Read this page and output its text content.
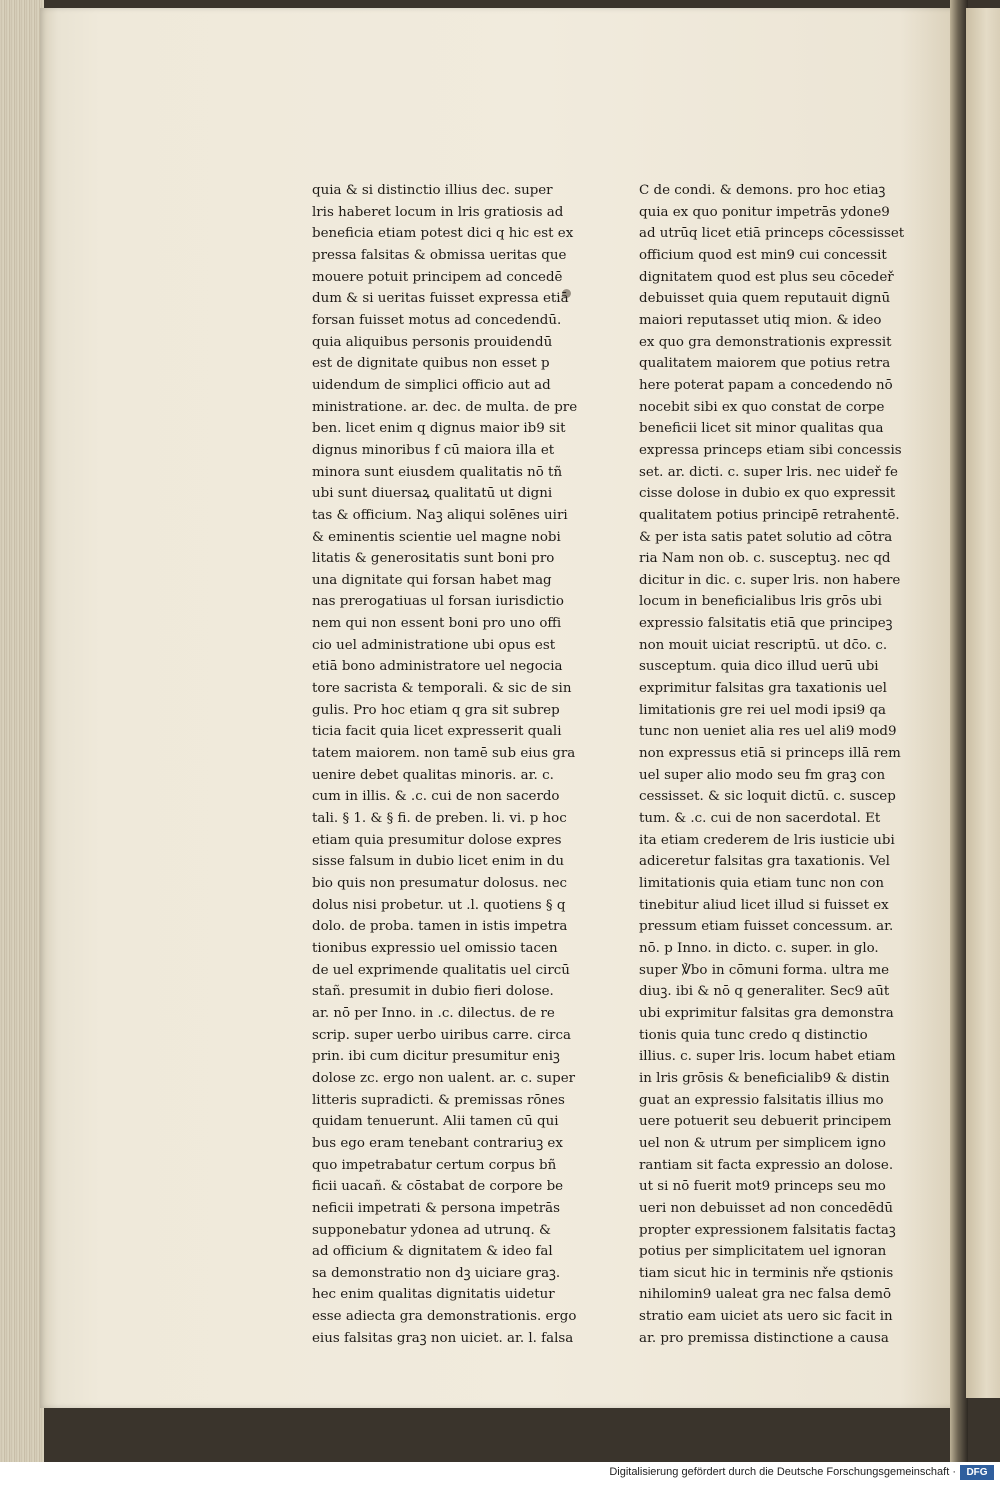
quia & si distinctio illius dec. super
lris haberet locum in lris gratiosis ad
beneficia etiam potest dici q hic est ex
pressa falsitas & obmissa ueritas que
mouere potuit principem ad concedē
dum & si ueritas fuisset expressa etiā
forsan fuisset motus ad concedendū.
quia aliquibus personis prouidendū
est de dignitate quibus non esset p
uidendum de simplici officio aut ad
ministratione. ar. dec. de multa. de pre
ben. licet enim q dignus maior ib9 sit
dignus minoribus f cū maiora illa et
minora sunt eiusdem qualitatis nō tñ
ubi sunt diuersaꝝ qualitatū ut digni
tas & officium. Naꝫ aliqui solēnes uiri
& eminentis scientie uel magne nobi
litatis & generositatis sunt boni pro
una dignitate qui forsan habet mag
nas prerogatiuas ul forsan iurisdictio
nem qui non essent boni pro uno offi
cio uel administratione ubi opus est
etiā bono administratore uel negocia
tore sacrista & temporali. & sic de sin
gulis. Pro hoc etiam q gra sit subrep
ticia facit quia licet expresserit quali
tatem maiorem. non tamē sub eius gra
uenire debet qualitas minoris. ar. c.
cum in illis. & .c. cui de non sacerdo
tali. § 1. & § fi. de preben. li. vi. p hoc
etiam quia presumitur dolose expres
sisse falsum in dubio licet enim in du
bio quis non presumatur dolosus. nec
dolus nisi probetur. ut .l. quotiens § q
dolo. de proba. tamen in istis impetra
tionibus expressio uel omissio tacen
de uel exprimende qualitatis uel circū
stañ. presumit in dubio fieri dolose.
ar. nō per Inno. in .c. dilectus. de re
scrip. super uerbo uiribus carre. circa
prin. ibi cum dicitur presumitur eniꝫ
dolose zc. ergo non ualent. ar. c. super
litteris supradicti. & premissas rōnes
quidam tenuerunt. Alii tamen cū qui
bus ego eram tenebant contrariuꝫ ex
quo impetrabatur certum corpus bñ
ficii uacañ. & cōstabat de corpore be
neficii impetrati & persona impetrās
supponebatur ydonea ad utrunq. &
ad officium & dignitatem & ideo fal
sa demonstratio non dꝫ uiciare graꝫ.
hec enim qualitas dignitatis uidetur
esse adiecta gra demonstrationis. ergo
eius falsitas graꝫ non uiciet. ar. l. falsa
C de condi. & demons. pro hoc etiaꝫ
quia ex quo ponitur impetrās ydone9
ad utrūq licet etiā princeps cōcessisset
officium quod est min9 cui concessit
dignitatem quod est plus seu cōcedeř
debuisset quia quem reputauit dignū
maiori reputasset utiq mion. & ideo
ex quo gra demonstrationis expressit
qualitatem maiorem que potius retra
here poterat papam a concedendo nō
nocebit sibi ex quo constat de corpe
beneficii licet sit minor qualitas qua
expressa princeps etiam sibi concessis
set. ar. dicti. c. super lris. nec uideř fe
cisse dolose in dubio ex quo expressit
qualitatem potius principē retrahentē.
& per ista satis patet solutio ad cōtra
ria Nam non ob. c. susceptuꝫ. nec qd
dicitur in dic. c. super lris. non habere
locum in beneficialibus lris grōs ubi
expressio falsitatis etiā que principeꝫ
non mouit uiciat rescriptū. ut dc̄o. c.
susceptum. quia dico illud uerū ubi
exprimitur falsitas gra taxationis uel
limitationis gre rei uel modi ipsi9 qa
tunc non ueniet alia res uel ali9 mod9
non expressus etiā si princeps illā rem
uel super alio modo seu fm graꝫ con
cessisset. & sic loquit dictū. c. suscep
tum. & .c. cui de non sacerdotal. Et
ita etiam crederem de lris iusticie ubi
adiceretur falsitas gra taxationis. Vel
limitationis quia etiam tunc non con
tinebitur aliud licet illud si fuisset ex
pressum etiam fuisset concessum. ar.
nō. p Inno. in dicto. c. super. in glo.
super ℣bo in cōmuni forma. ultra me
diuꝫ. ibi & nō q generaliter. Sec9 aūt
ubi exprimitur falsitas gra demonstra
tionis quia tunc credo q distinctio
illius. c. super lris. locum habet etiam
in lris grōsis & beneficialib9 & distin
guat an expressio falsitatis illius mo
uere potuerit seu debuerit principem
uel non & utrum per simplicem igno
rantiam sit facta expressio an dolose.
ut si nō fuerit mot9 princeps seu mo
ueri non debuisset ad non concedēdū
propter expressionem falsitatis factaꝫ
potius per simplicitatem uel ignoran
tiam sicut hic in terminis nře qstionis
nihilomin9 ualeat gra nec falsa demō
stratio eam uiciet ats uero sic facit in
ar. pro premissa distinctione a causa
Digitalisierung gefördert durch die Deutsche Forschungsgemeinschaft ·	DFG
